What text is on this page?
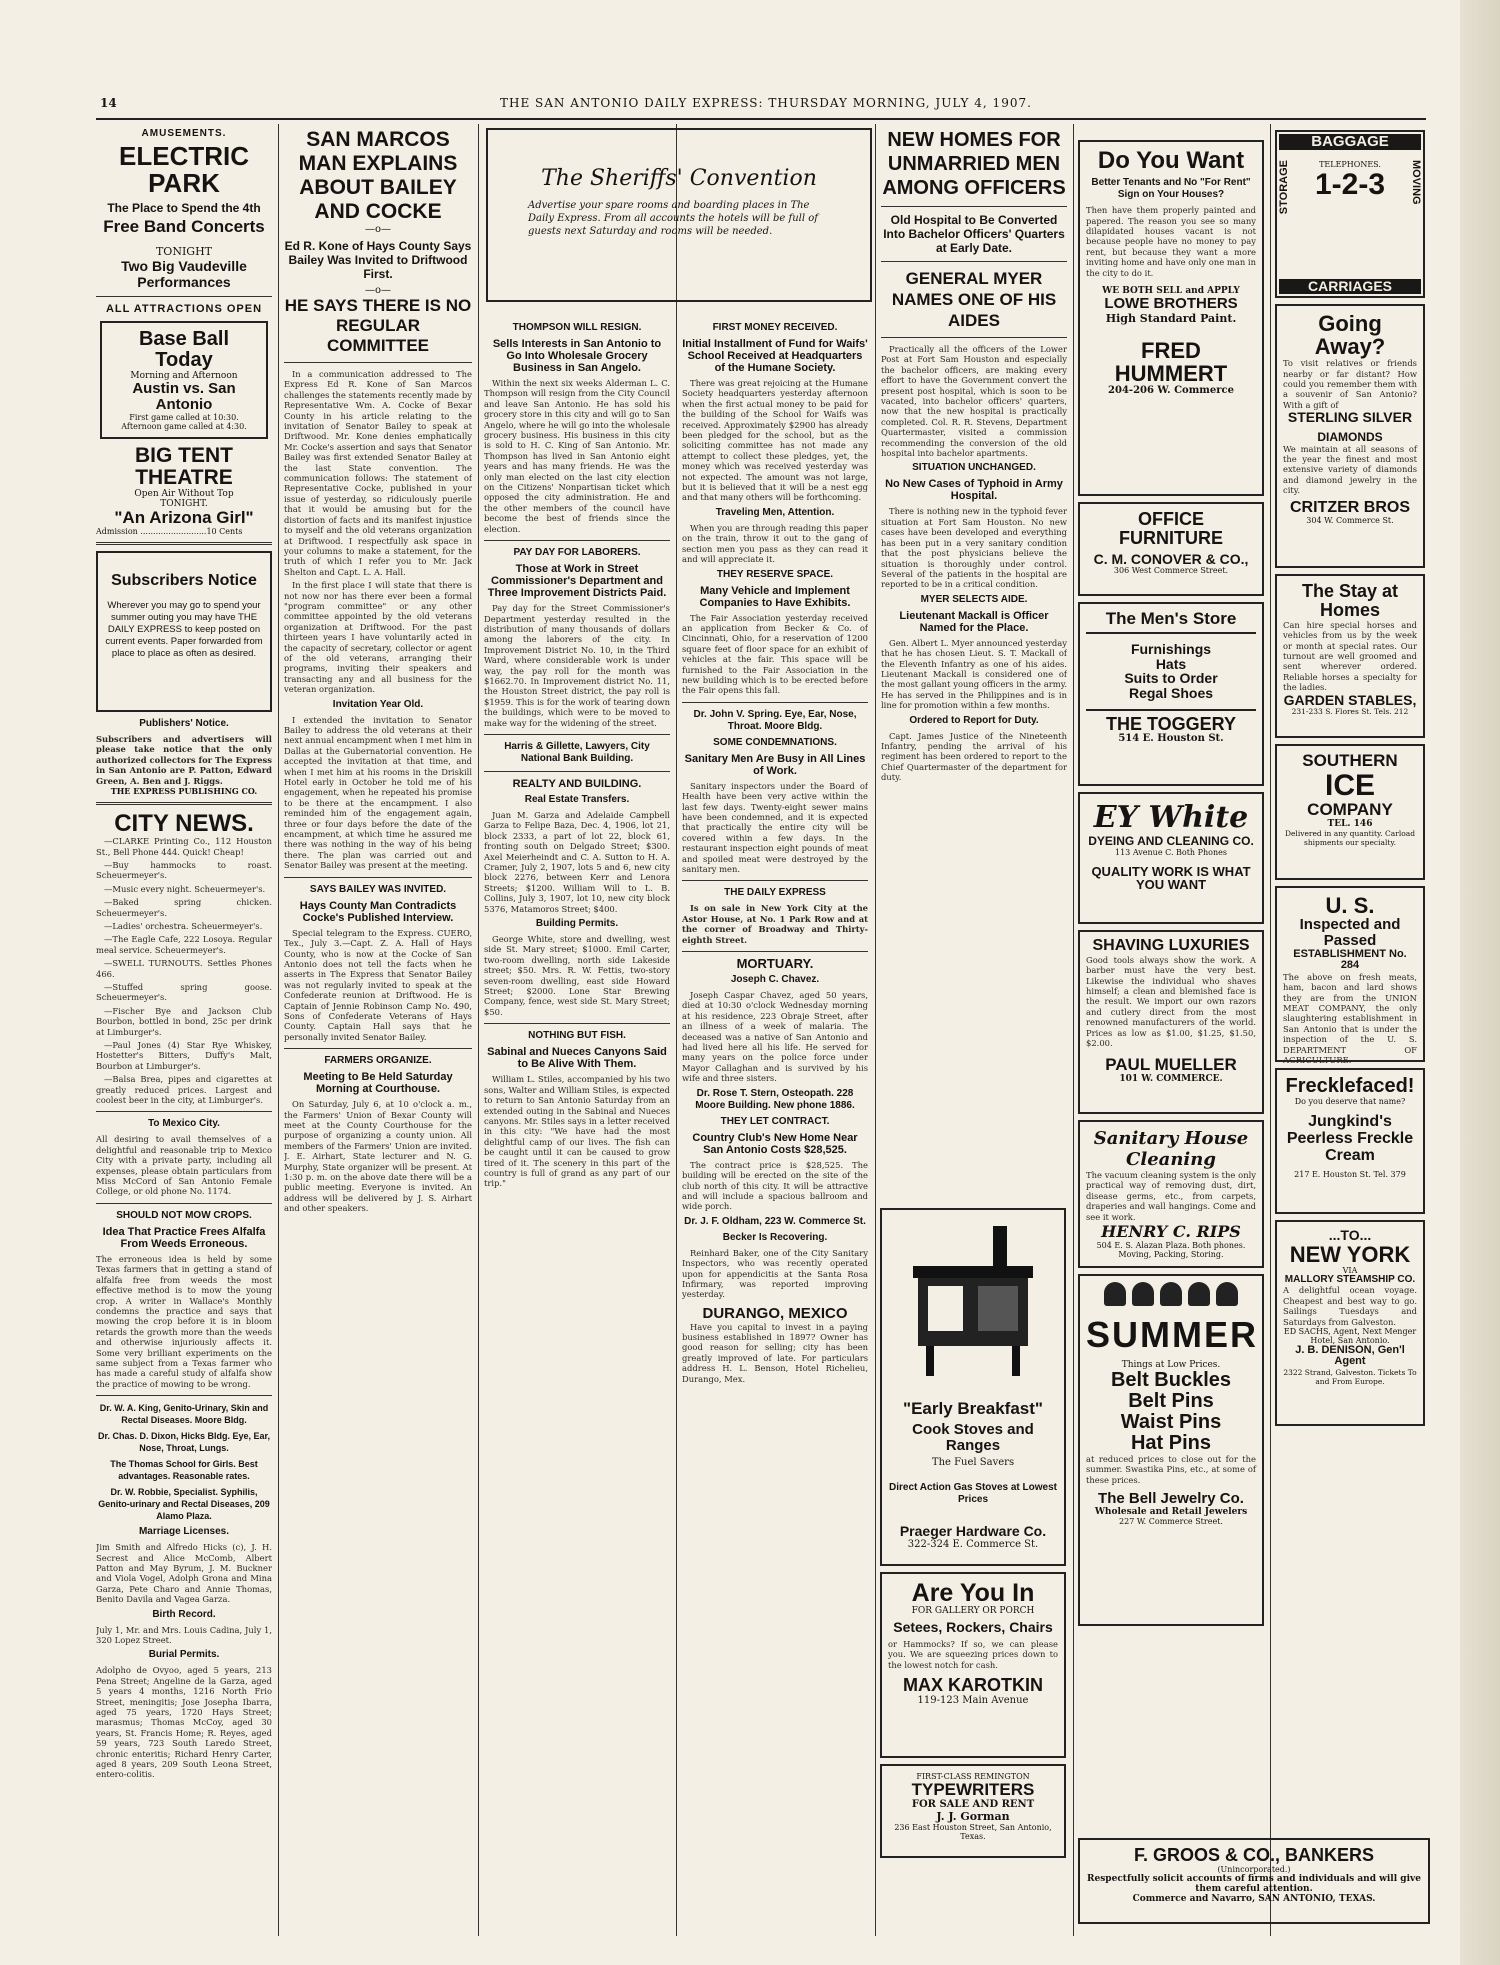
14	THE SAN ANTONIO DAILY EXPRESS: THURSDAY MORNING, JULY 4, 1907.
AMUSEMENTS.
ELECTRIC PARK
The Place to Spend the 4th
Free Band Concerts
TONIGHT
Two Big Vaudeville Performances
ALL ATTRACTIONS OPEN
Base Ball Today
Morning and Afternoon
Austin vs. San Antonio
First game called at 10:30.
Afternoon game called at 4:30.
BIG TENT THEATRE
Open Air Without Top
TONIGHT.
"An Arizona Girl"
Admission ..........................10 Cents
Subscribers Notice
Wherever you may go to spend your summer outing you may have THE DAILY EXPRESS to keep posted on current events. Paper forwarded from place to place as often as desired.
Publishers' Notice.
Subscribers and advertisers will please take notice that the only authorized collectors for The Express in San Antonio are P. Patton, Edward Green, A. Ben and J. Riggs.
THE EXPRESS PUBLISHING CO.
CITY NEWS.

—CLARKE Printing Co., 112 Houston St., Bell Phone 444. Quick! Cheap!

—Buy hammocks to roast. Scheuermeyer's.

—Music every night. Scheuermeyer's.

—Baked spring chicken. Scheuermeyer's.

—Ladies' orchestra. Scheuermeyer's.

—The Eagle Cafe, 222 Losoya. Regular meal service. Scheuermeyer's.

—SWELL TURNOUTS. Settles Phones 466.

—Stuffed spring goose. Scheuermeyer's.

—Fischer Bye and Jackson Club Bourbon, bottled in bond, 25c per drink at Limburger's.

—Paul Jones (4) Star Rye Whiskey, Hostetter's Bitters, Duffy's Malt, Bourbon at Limburger's.

—Balsa Brea, pipes and cigarettes at greatly reduced prices. Largest and coolest beer in the city, at Limburger's.

To Mexico City.
All desiring to avail themselves of a delightful and reasonable trip to Mexico City with a private party, including all expenses, please obtain particulars from Miss McCord of San Antonio Female College, or old phone No. 1174.
SHOULD NOT MOW CROPS.
Idea That Practice Frees Alfalfa From Weeds Erroneous.
The erroneous idea is held by some Texas farmers that in getting a stand of alfalfa free from weeds the most effective method is to mow the young crop. A writer in Wallace's Monthly condemns the practice and says that mowing the crop before it is in bloom retards the growth more than the weeds and otherwise injuriously affects it. Some very brilliant experiments on the same subject from a Texas farmer who has made a careful study of alfalfa show the practice of mowing to be wrong.
Dr. W. A. King, Genito-Urinary, Skin and Rectal Diseases. Moore Bldg.
Dr. Chas. D. Dixon, Hicks Bldg. Eye, Ear, Nose, Throat, Lungs.
The Thomas School for Girls. Best advantages. Reasonable rates.
Dr. W. Robbie, Specialist. Syphilis, Genito-urinary and Rectal Diseases, 209 Alamo Plaza.
Marriage Licenses.
Jim Smith and Alfredo Hicks (c), J. H. Secrest and Alice McComb, Albert Patton and May Byrum, J. M. Buckner and Viola Vogel, Adolph Grona and Mina Garza, Pete Charo and Annie Thomas, Benito Davila and Vagea Garza.
Birth Record.
July 1, Mr. and Mrs. Louis Cadina, July 1, 320 Lopez Street.
Burial Permits.
Adolpho de Ovyoo, aged 5 years, 213 Pena Street; Angeline de la Garza, aged 5 years 4 months, 1216 North Frio Street, meningitis; Jose Josepha Ibarra, aged 75 years, 1720 Hays Street; marasmus; Thomas McCoy, aged 30 years, St. Francis Home; R. Reyes, aged 59 years, 723 South Laredo Street, chronic enteritis; Richard Henry Carter, aged 8 years, 209 South Leona Street, entero-colitis.
SAN MARCOS MAN EXPLAINS ABOUT BAILEY AND COCKE
—o—
Ed R. Kone of Hays County Says Bailey Was Invited to Driftwood First.
—o—
HE SAYS THERE IS NO REGULAR COMMITTEE

In a communication addressed to The Express Ed R. Kone of San Marcos challenges the statements recently made by Representative Wm. A. Cocke of Bexar County in his article relating to the invitation of Senator Bailey to speak at Driftwood. Mr. Kone denies emphatically Mr. Cocke's assertion and says that Senator Bailey was first extended Senator Bailey at the last State convention. The communication follows: The statement of Representative Cocke, published in your issue of yesterday, so ridiculously puerile that it would be amusing but for the distortion of facts and its manifest injustice to myself and the old veterans organization at Driftwood. I respectfully ask space in your columns to make a statement, for the truth of which I refer you to Mr. Jack Shelton and Capt. L. A. Hall.

In the first place I will state that there is not now nor has there ever been a formal "program committee" or any other committee appointed by the old veterans organization at Driftwood. For the past thirteen years I have voluntarily acted in the capacity of secretary, collector or agent of the old veterans, arranging their programs, inviting their speakers and transacting any and all business for the veteran organization.

Invitation Year Old.

I extended the invitation to Senator Bailey to address the old veterans at their next annual encampment when I met him in Dallas at the Gubernatorial convention. He accepted the invitation at that time, and when I met him at his rooms in the Driskill Hotel early in October he told me of his engagement, when he repeated his promise to be there at the encampment. I also reminded him of the engagement again, three or four days before the date of the encampment, at which time he assured me there was nothing in the way of his being there. The plan was carried out and Senator Bailey was present at the meeting.

SAYS BAILEY WAS INVITED.
Hays County Man Contradicts Cocke's Published Interview.

Special telegram to the Express. CUERO, Tex., July 3.—Capt. Z. A. Hall of Hays County, who is now at the Cocke of San Antonio does not tell the facts when he asserts in The Express that Senator Bailey was not regularly invited to speak at the Confederate reunion at Driftwood. He is Captain of Jennie Robinson Camp No. 490, Sons of Confederate Veterans of Hays County. Captain Hall says that he personally invited Senator Bailey.

FARMERS ORGANIZE.
Meeting to Be Held Saturday Morning at Courthouse.

On Saturday, July 6, at 10 o'clock a. m., the Farmers' Union of Bexar County will meet at the County Courthouse for the purpose of organizing a county union. All members of the Farmers' Union are invited. J. E. Airhart, State lecturer and N. G. Murphy, State organizer will be present. At 1:30 p. m. on the above date there will be a public meeting. Everyone is invited. An address will be delivered by J. S. Airhart and other speakers.

The Sheriffs' Convention
Advertise your spare rooms and boarding places in The Daily Express. From all accounts the hotels will be full of guests next Saturday and rooms will be needed.
THOMPSON WILL RESIGN.
Sells Interests in San Antonio to Go Into Wholesale Grocery Business in San Angelo.

Within the next six weeks Alderman L. C. Thompson will resign from the City Council and leave San Antonio. He has sold his grocery store in this city and will go to San Angelo, where he will go into the wholesale grocery business. His business in this city is sold to H. C. King of San Antonio. Mr. Thompson has lived in San Antonio eight years and has many friends. He was the only man elected on the last city election on the Citizens' Nonpartisan ticket which opposed the city administration. He and the other members of the council have become the best of friends since the election.

PAY DAY FOR LABORERS.
Those at Work in Street Commissioner's Department and Three Improvement Districts Paid.

Pay day for the Street Commissioner's Department yesterday resulted in the distribution of many thousands of dollars among the laborers of the city. In Improvement District No. 10, in the Third Ward, where considerable work is under way, the pay roll for the month was $1662.70. In Improvement district No. 11, the Houston Street district, the pay roll is $1959. This is for the work of tearing down the buildings, which were to be moved to make way for the widening of the street.

Harris & Gillette, Lawyers, City National Bank Building.
REALTY AND BUILDING.
Real Estate Transfers.

Juan M. Garza and Adelaide Campbell Garza to Felipe Baza, Dec. 4, 1906, lot 21, block 2333, a part of lot 22, block 61, fronting south on Delgado Street; $300. Axel Meierheindt and C. A. Sutton to H. A. Cramer, July 2, 1907, lots 5 and 6, new city block 2276, between Kerr and Lenora Streets; $1200. William Will to L. B. Collins, July 3, 1907, lot 10, new city block 5376, Matamoros Street; $400.

Building Permits.

George White, store and dwelling, west side St. Mary street; $1000. Emil Carter, two-room dwelling, north side Lakeside street; $50. Mrs. R. W. Fettis, two-story seven-room dwelling, east side Howard Street; $2000. Lone Star Brewing Company, fence, west side St. Mary Street; $50.

NOTHING BUT FISH.
Sabinal and Nueces Canyons Said to Be Alive With Them.

William L. Stiles, accompanied by his two sons, Walter and William Stiles, is expected to return to San Antonio Saturday from an extended outing in the Sabinal and Nueces canyons. Mr. Stiles says in a letter received in this city: "We have had the most delightful camp of our lives. The fish can be caught until it can be caused to grow tired of it. The scenery in this part of the country is full of grand as any part of our trip."

FIRST MONEY RECEIVED.
Initial Installment of Fund for Waifs' School Received at Headquarters of the Humane Society.

There was great rejoicing at the Humane Society headquarters yesterday afternoon when the first actual money to be paid for the building of the School for Waifs was received. Approximately $2900 has already been pledged for the school, but as the soliciting committee has not made any attempt to collect these pledges, yet, the money which was received yesterday was not expected. The amount was not large, but it is believed that it will be a nest egg and that many others will be forthcoming.

Traveling Men, Attention.

When you are through reading this paper on the train, throw it out to the gang of section men you pass as they can read it and will appreciate it.

THEY RESERVE SPACE.
Many Vehicle and Implement Companies to Have Exhibits.

The Fair Association yesterday received an application from Becker & Co. of Cincinnati, Ohio, for a reservation of 1200 square feet of floor space for an exhibit of vehicles at the fair. This space will be furnished to the Fair Association in the new building which is to be erected before the Fair opens this fall.

Dr. John V. Spring. Eye, Ear, Nose, Throat. Moore Bldg.
SOME CONDEMNATIONS.
Sanitary Men Are Busy in All Lines of Work.

Sanitary inspectors under the Board of Health have been very active within the last few days. Twenty-eight sewer mains have been condemned, and it is expected that practically the entire city will be covered within a few days. In the restaurant inspection eight pounds of meat and spoiled meat were destroyed by the sanitary men.

THE DAILY EXPRESS

Is on sale in New York City at the Astor House, at No. 1 Park Row and at the corner of Broadway and Thirty-eighth Street.

MORTUARY.
Joseph C. Chavez.

Joseph Caspar Chavez, aged 50 years, died at 10:30 o'clock Wednesday morning at his residence, 223 Obraje Street, after an illness of a week of malaria. The deceased was a native of San Antonio and had lived here all his life. He served for many years on the police force under Mayor Callaghan and is survived by his wife and three sisters.

Dr. Rose T. Stern, Osteopath. 228 Moore Building. New phone 1886.
THEY LET CONTRACT.
Country Club's New Home Near San Antonio Costs $28,525.

The contract price is $28,525. The building will be erected on the site of the club north of this city. It will be attractive and will include a spacious ballroom and wide porch.

Dr. J. F. Oldham, 223 W. Commerce St.
Becker Is Recovering.

Reinhard Baker, one of the City Sanitary Inspectors, who was recently operated upon for appendicitis at the Santa Rosa Infirmary, was reported improving yesterday.

DURANGO, MEXICO

Have you capital to invest in a paying business established in 1897? Owner has good reason for selling; city has been greatly improved of late. For particulars address H. L. Benson, Hotel Richelieu, Durango, Mex.

NEW HOMES FOR UNMARRIED MEN AMONG OFFICERS
Old Hospital to Be Converted Into Bachelor Officers' Quarters at Early Date.
GENERAL MYER NAMES ONE OF HIS AIDES

Practically all the officers of the Lower Post at Fort Sam Houston and especially the bachelor officers, are making every effort to have the Government convert the present post hospital, which is soon to be vacated, into bachelor officers' quarters, now that the new hospital is practically completed. Col. R. R. Stevens, Department Quartermaster, visited a commission recommending the conversion of the old hospital into bachelor apartments.

SITUATION UNCHANGED.
No New Cases of Typhoid in Army Hospital.

There is nothing new in the typhoid fever situation at Fort Sam Houston. No new cases have been developed and everything has been put in a very sanitary condition that the post physicians believe the situation is thoroughly under control. Several of the patients in the hospital are reported to be in a critical condition.

MYER SELECTS AIDE.
Lieutenant Mackall is Officer Named for the Place.

Gen. Albert L. Myer announced yesterday that he has chosen Lieut. S. T. Mackall of the Eleventh Infantry as one of his aides. Lieutenant Mackall is considered one of the most gallant young officers in the army. He has served in the Philippines and is in line for promotion within a few months.

Ordered to Report for Duty.

Capt. James Justice of the Nineteenth Infantry, pending the arrival of his regiment has been ordered to report to the Chief Quartermaster of the department for duty.

"Early Breakfast"
Cook Stoves and Ranges
The Fuel Savers
Direct Action Gas Stoves at Lowest Prices
Praeger Hardware Co.
322-324 E. Commerce St.
Are You In
FOR GALLERY OR PORCH
Setees, Rockers, Chairs
or Hammocks? If so, we can please you. We are squeezing prices down to the lowest notch for cash.
MAX KAROTKIN
119-123 Main Avenue
FIRST-CLASS REMINGTON
TYPEWRITERS
FOR SALE AND RENT
J. J. Gorman
236 East Houston Street, San Antonio, Texas.
Do You Want
Better Tenants and No "For Rent" Sign on Your Houses?
Then have them properly painted and papered. The reason you see so many dilapidated houses vacant is not because people have no money to pay rent, but because they want a more inviting home and have only one man in the city to do it.
WE BOTH SELL and APPLY
LOWE BROTHERS
High Standard Paint.
FRED HUMMERT
204-206 W. Commerce
OFFICE FURNITURE
C. M. CONOVER & CO.,
306 West Commerce Street.
The Men's Store
Furnishings
Hats
Suits to Order
Regal Shoes
THE TOGGERY
514 E. Houston St.
EY White
DYEING AND CLEANING CO.
113 Avenue C. Both Phones
QUALITY WORK IS WHAT YOU WANT
SHAVING LUXURIES
Good tools always show the work. A barber must have the very best. Likewise the individual who shaves himself; a clean and blemished face is the result. We import our own razors and cutlery direct from the most renowned manufacturers of the world. Prices as low as $1.00, $1.25, $1.50, $2.00.
PAUL MUELLER
101 W. COMMERCE.
Sanitary House Cleaning
The vacuum cleaning system is the only practical way of removing dust, dirt, disease germs, etc., from carpets, draperies and wall hangings. Come and see it work.
HENRY C. RIPS
504 E. S. Alazan Plaza. Both phones. Moving, Packing, Storing.
SUMMER
Things at Low Prices.
Belt Buckles
Belt Pins
Waist Pins
Hat Pins
at reduced prices to close out for the summer. Swastika Pins, etc., at some of these prices.
The Bell Jewelry Co.
Wholesale and Retail Jewelers
227 W. Commerce Street.
BAGGAGE
STORAGE	MOVING
TELEPHONES.
1-2-3
CARRIAGES
Going Away?
To visit relatives or friends nearby or far distant? How could you remember them with a souvenir of San Antonio? With a gift of
STERLING SILVER
DIAMONDS
We maintain at all seasons of the year the finest and most extensive variety of diamonds and diamond jewelry in the city.
CRITZER BROS
304 W. Commerce St.
The Stay at Homes
Can hire special horses and vehicles from us by the week or month at special rates. Our turnout are well groomed and sent wherever ordered. Reliable horses a specialty for the ladies.
GARDEN STABLES,
231-233 S. Flores St. Tels. 212
SOUTHERN
ICE
COMPANY
TEL. 146
Delivered in any quantity. Carload shipments our specialty.
U. S.
Inspected and Passed
ESTABLISHMENT No. 284
The above on fresh meats, ham, bacon and lard shows they are from the UNION MEAT COMPANY, the only slaughtering establishment in San Antonio that is under the inspection of the U. S. DEPARTMENT OF AGRICULTURE.
Frecklefaced!
Do you deserve that name?
Jungkind's Peerless Freckle Cream
217 E. Houston St. Tel. 379
...TO...
NEW YORK
VIA
MALLORY STEAMSHIP CO.
A delightful ocean voyage. Cheapest and best way to go. Sailings Tuesdays and Saturdays from Galveston.
ED SACHS, Agent, Next Menger Hotel, San Antonio.
J. B. DENISON, Gen'l Agent
2322 Strand, Galveston. Tickets To and From Europe.
F. GROOS & CO., BANKERS
(Unincorporated.)
Respectfully solicit accounts of firms and individuals and will give them careful attention.
Commerce and Navarro, SAN ANTONIO, TEXAS.
